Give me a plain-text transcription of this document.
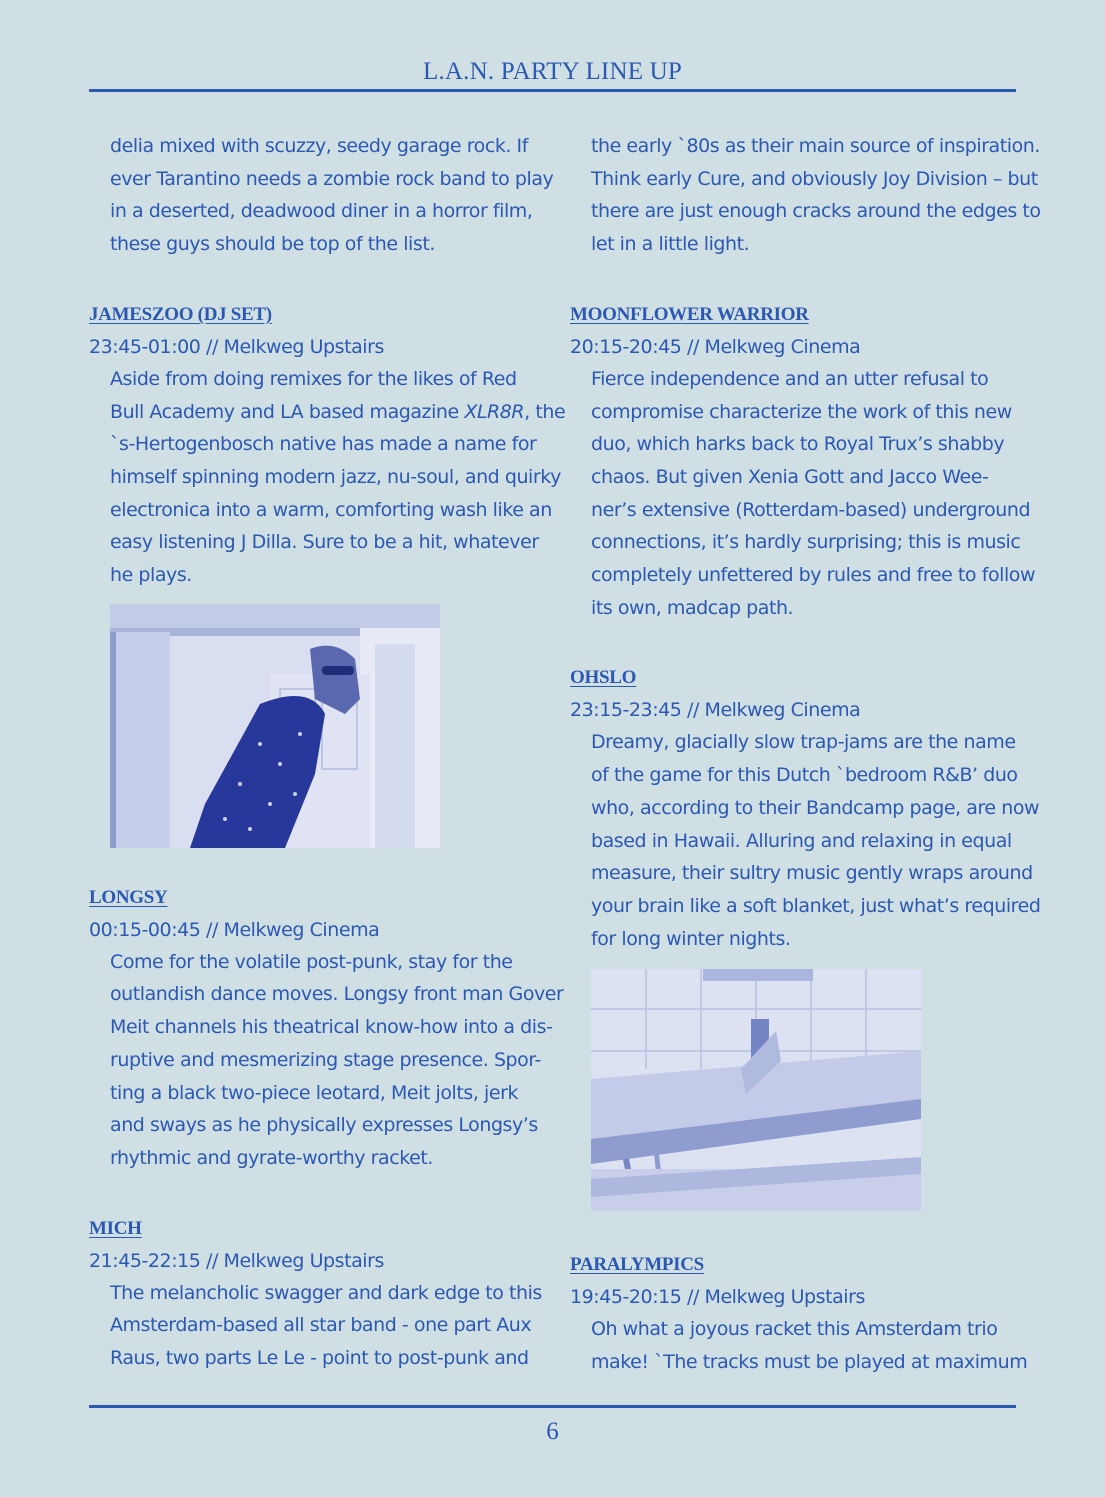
L.A.N. PARTY LINE UP

delia mixed with scuzzy, seedy garage rock. If

ever Tarantino needs a zombie rock band to play

in a deserted, deadwood diner in a horror film,

these guys should be top of the list.

JAMESZOO (DJ SET)
23:45-01:00 // Melkweg Upstairs

Aside from doing remixes for the likes of Red

Bull Academy and LA based magazine XLR8R, the

`s-Hertogenbosch native has made a name for

himself spinning modern jazz, nu-soul, and quirky

electronica into a warm, comforting wash like an

easy listening J Dilla. Sure to be a hit, whatever

he plays.

LONGSY
00:15-00:45 // Melkweg Cinema

Come for the volatile post-punk, stay for the

outlandish dance moves. Longsy front man Gover

Meit channels his theatrical know-how into a dis-

ruptive and mesmerizing stage presence. Spor-

ting a black two-piece leotard, Meit jolts, jerk

and sways as he physically expresses Longsy’s

rhythmic and gyrate-worthy racket.

MICH
21:45-22:15 // Melkweg Upstairs

The melancholic swagger and dark edge to this

Amsterdam-based all star band - one part Aux

Raus, two parts Le Le - point to post-punk and

the early `80s as their main source of inspiration.

Think early Cure, and obviously Joy Division – but

there are just enough cracks around the edges to

let in a little light.

MOONFLOWER WARRIOR
20:15-20:45 // Melkweg Cinema

Fierce independence and an utter refusal to

compromise characterize the work of this new

duo, which harks back to Royal Trux’s shabby

chaos. But given Xenia Gott and Jacco Wee-

ner’s extensive (Rotterdam-based) underground

connections, it’s hardly surprising; this is music

completely unfettered by rules and free to follow

its own, madcap path.

OHSLO
23:15-23:45 // Melkweg Cinema

Dreamy, glacially slow trap-jams are the name

of the game for this Dutch `bedroom R&B’ duo

who, according to their Bandcamp page, are now

based in Hawaii. Alluring and relaxing in equal

measure, their sultry music gently wraps around

your brain like a soft blanket, just what’s required

for long winter nights.

PARALYMPICS
19:45-20:15 // Melkweg Upstairs

Oh what a joyous racket this Amsterdam trio

make! `The tracks must be played at maximum

6
